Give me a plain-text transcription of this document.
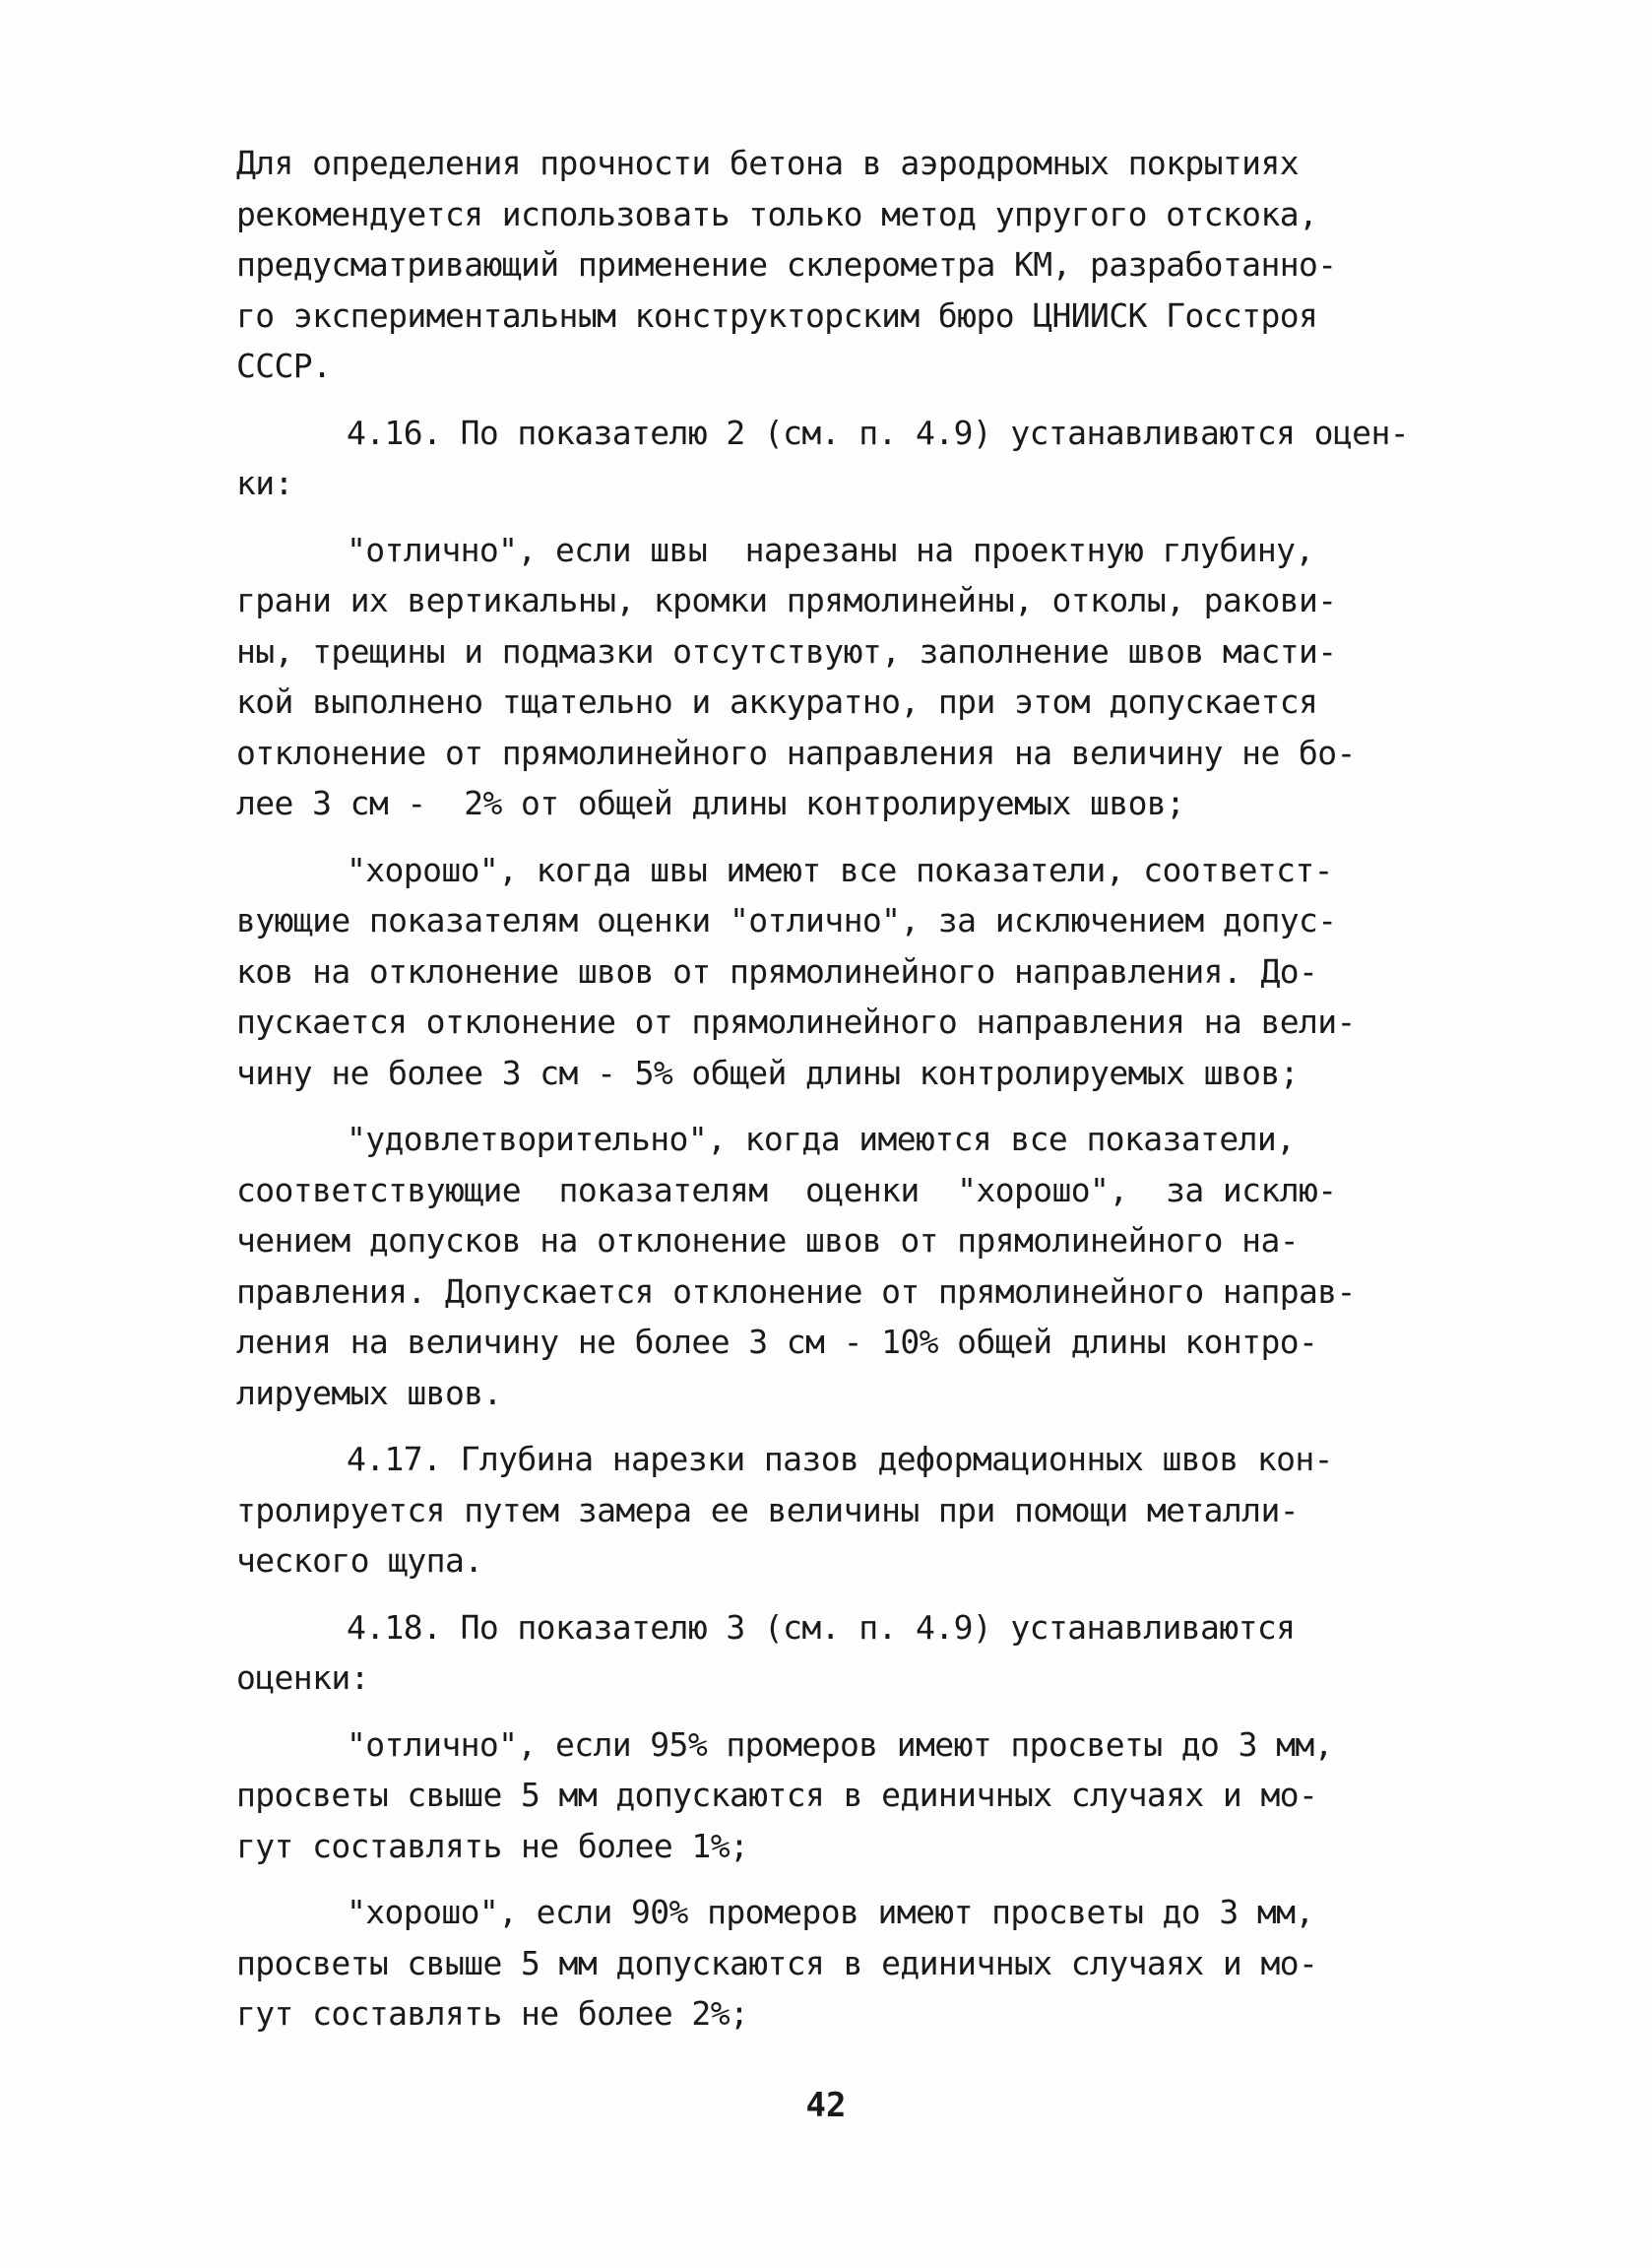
Для определения прочности бетона в аэродромных покрытиях
рекомендуется использовать только метод упругого отскока,
предусматривающий применение склерометра КМ, разработанно-
го экспериментальным конструкторским бюро ЦНИИСК Госстроя
СССР.
4.16. По показателю 2 (см. п. 4.9) устанавливаются оцен-
ки:
"отлично", если швы  нарезаны на проектную глубину,
грани их вертикальны, кромки прямолинейны, отколы, ракови-
ны, трещины и подмазки отсутствуют, заполнение швов масти-
кой выполнено тщательно и аккуратно, при этом допускается
отклонение от прямолинейного направления на величину не бо-
лее 3 см -  2% от общей длины контролируемых швов;
"хорошо", когда швы имеют все показатели, соответст-
вующие показателям оценки "отлично", за исключением допус-
ков на отклонение швов от прямолинейного направления. До-
пускается отклонение от прямолинейного направления на вели-
чину не более 3 см - 5% общей длины контролируемых швов;
"удовлетворительно", когда имеются все показатели,
соответствующие  показателям  оценки  "хорошо",  за исклю-
чением допусков на отклонение швов от прямолинейного на-
правления. Допускается отклонение от прямолинейного направ-
ления на величину не более 3 см - 10% общей длины контро-
лируемых швов.
4.17. Глубина нарезки пазов деформационных швов кон-
тролируется путем замера ее величины при помощи металли-
ческого щупа.
4.18. По показателю 3 (см. п. 4.9) устанавливаются
оценки:
"отлично", если 95% промеров имеют просветы до 3 мм,
просветы свыше 5 мм допускаются в единичных случаях и мо-
гут составлять не более 1%;
"хорошо", если 90% промеров имеют просветы до 3 мм,
просветы свыше 5 мм допускаются в единичных случаях и мо-
гут составлять не более 2%;
42
